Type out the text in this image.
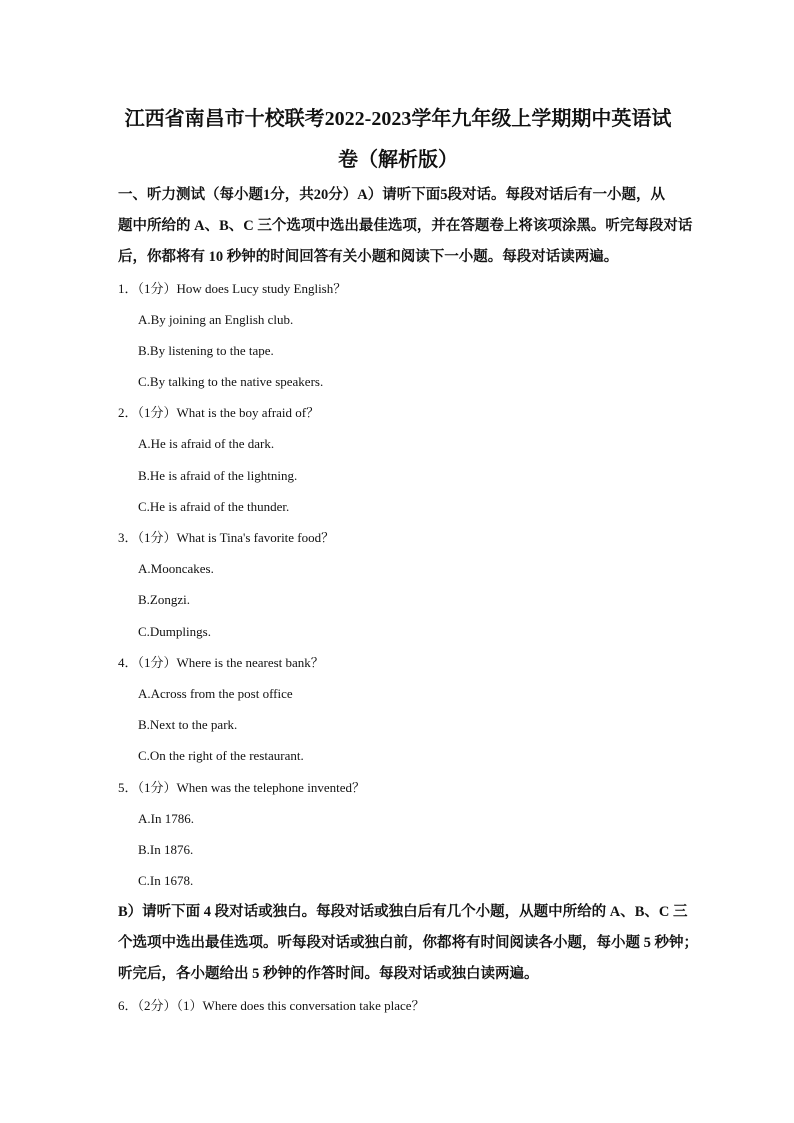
江西省南昌市十校联考2022-2023学年九年级上学期期中英语试
卷（解析版）
一、听力测试（每小题1分，共20分）A）请听下面5段对话。每段对话后有一小题，从
题中所给的 A、B、C 三个选项中选出最佳选项，并在答题卷上将该项涂黑。听完每段对话
后，你都将有 10 秒钟的时间回答有关小题和阅读下一小题。每段对话读两遍。
1．（1分）How does Lucy study English？
A.By joining an English club.
B.By listening to the tape.
C.By talking to the native speakers.
2．（1分）What is the boy afraid of？
A.He is afraid of the dark.
B.He is afraid of the lightning.
C.He is afraid of the thunder.
3．（1分）What is Tina's favorite food？
A.Mooncakes.
B.Zongzi.
C.Dumplings.
4．（1分）Where is the nearest bank？
A.Across from the post office
B.Next to the park.
C.On the right of the restaurant.
5．（1分）When was the telephone invented？
A.In 1786.
B.In 1876.
C.In 1678.
B）请听下面 4 段对话或独白。每段对话或独白后有几个小题，从题中所给的 A、B、C 三
个选项中选出最佳选项。听每段对话或独白前，你都将有时间阅读各小题，每小题 5 秒钟；
听完后，各小题给出 5 秒钟的作答时间。每段对话或独白读两遍。
6．（2分）（1）Where does this conversation take place？
